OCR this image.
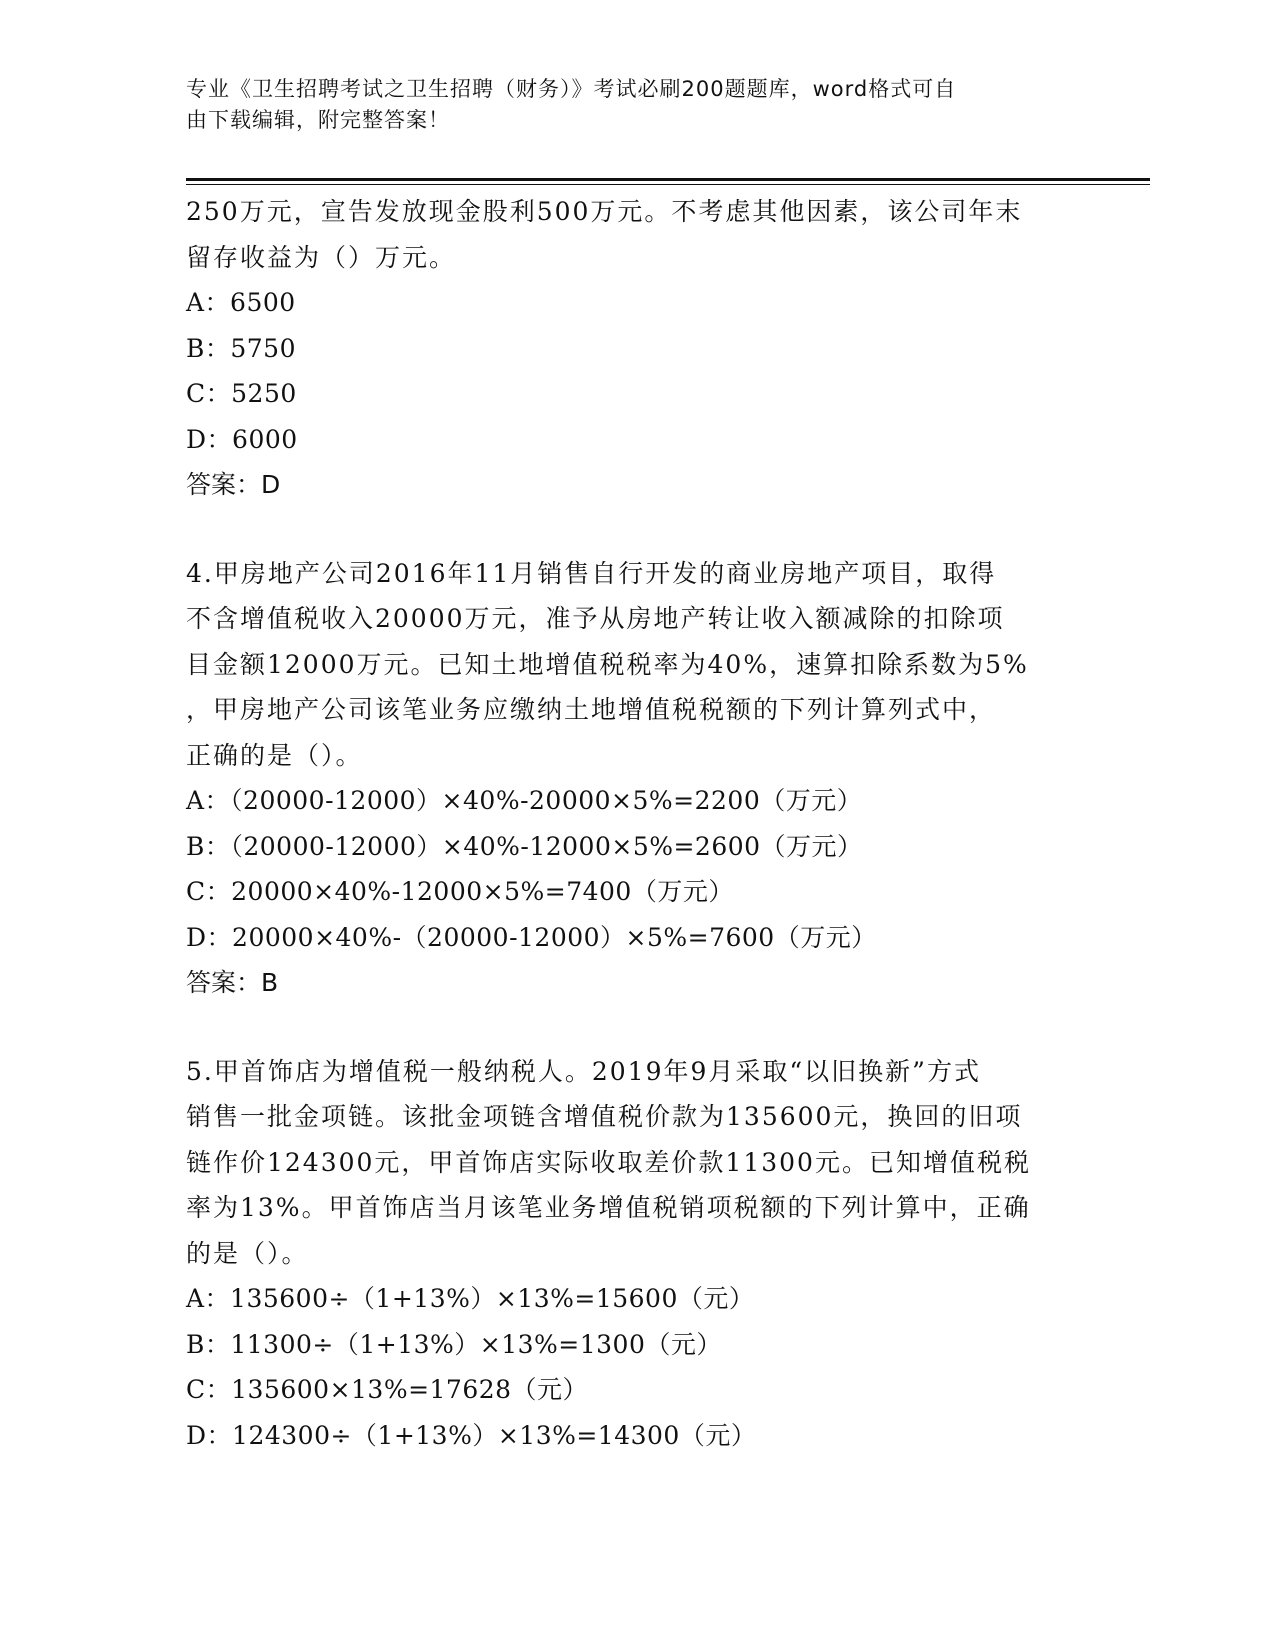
专业《卫生招聘考试之卫生招聘（财务）》考试必刷200题题库，word格式可自
由下载编辑，附完整答案！

250万元，宣告发放现金股利500万元。不考虑其他因素，该公司年末

留存收益为（）万元。

A：6500

B：5750

C：5250

D：6000

答案：D

4.甲房地产公司2016年11月销售自行开发的商业房地产项目，取得

不含增值税收入20000万元，准予从房地产转让收入额减除的扣除项

目金额12000万元。已知土地增值税税率为40%，速算扣除系数为5%

，甲房地产公司该笔业务应缴纳土地增值税税额的下列计算列式中，

正确的是（）。

A：（20000-12000）×40%-20000×5%=2200（万元）

B：（20000-12000）×40%-12000×5%=2600（万元）

C：20000×40%-12000×5%=7400（万元）

D：20000×40%-（20000-12000）×5%=7600（万元）

答案：B

5.甲首饰店为增值税一般纳税人。2019年9月采取“以旧换新”方式

销售一批金项链。该批金项链含增值税价款为135600元，换回的旧项

链作价124300元，甲首饰店实际收取差价款11300元。已知增值税税

率为13%。甲首饰店当月该笔业务增值税销项税额的下列计算中，正确

的是（）。

A：135600÷（1+13%）×13%=15600（元）

B：11300÷（1+13%）×13%=1300（元）

C：135600×13%=17628（元）

D：124300÷（1+13%）×13%=14300（元）
